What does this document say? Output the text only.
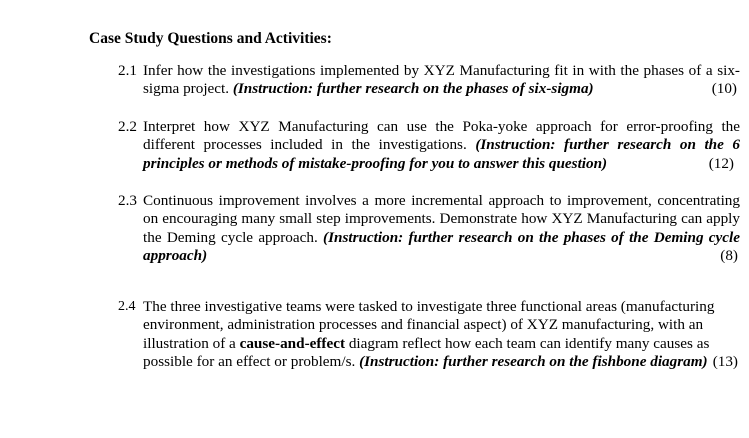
Case Study Questions and Activities:
2.1 Infer how the investigations implemented by XYZ Manufacturing fit in with the phases of a six-sigma project. (Instruction: further research on the phases of six-sigma)	(10)
2.2 Interpret how XYZ Manufacturing can use the Poka-yoke approach for error-proofing the different processes included in the investigations. (Instruction: further research on the 6 principles or methods of mistake-proofing for you to answer this question)	(12)
2.3 Continuous improvement involves a more incremental approach to improvement, concentrating on encouraging many small step improvements. Demonstrate how XYZ Manufacturing can apply the Deming cycle approach. (Instruction: further research on the phases of the Deming cycle approach)	(8)
2.4 The three investigative teams were tasked to investigate three functional areas (manufacturing environment, administration processes and financial aspect) of XYZ manufacturing, with an illustration of a cause-and-effect diagram reflect how each team can identify many causes as possible for an effect or problem/s. (Instruction: further research on the fishbone diagram) (13)
